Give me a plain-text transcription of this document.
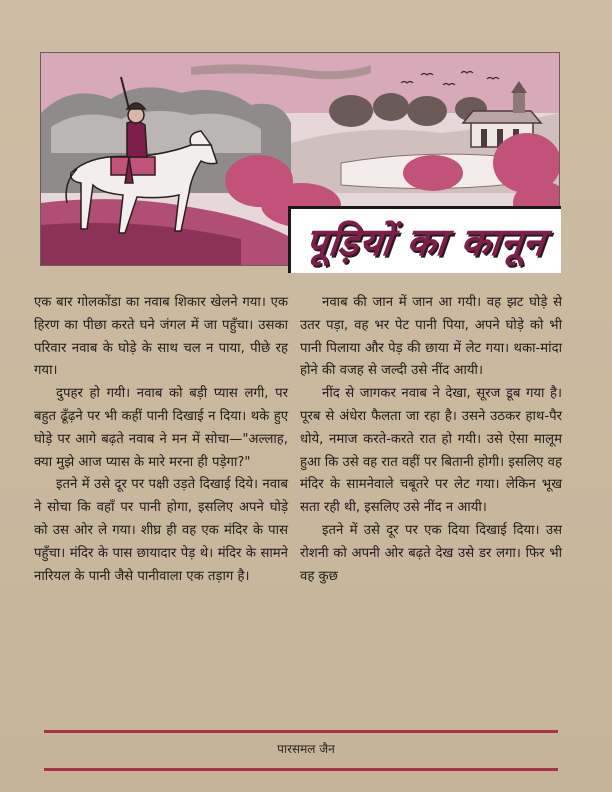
पूड़ियों का कानून

एक बार गोलकोंडा का नवाब शिकार खेलने गया। एक हिरण का पीछा करते घने जंगल में जा पहुँचा। उसका परिवार नवाब के घोड़े के साथ चल न पाया, पीछे रह गया।

दुपहर हो गयी। नवाब को बड़ी प्यास लगी, पर बहुत ढूँढ़ने पर भी कहीं पानी दिखाई न दिया। थके हुए घोड़े पर आगे बढ़ते नवाब ने मन में सोचा—"अल्लाह, क्या मुझे आज प्यास के मारे मरना ही पड़ेगा?"

इतने में उसे दूर पर पक्षी उड़ते दिखाई दिये। नवाब ने सोचा कि वहाँ पर पानी होगा, इसलिए अपने घोड़े को उस ओर ले गया। शीघ्र ही वह एक मंदिर के पास पहुँचा। मंदिर के पास छायादार पेड़ थे। मंदिर के सामने नारियल के पानी जैसे पानीवाला एक तड़ाग है।

नवाब की जान में जान आ गयी। वह झट घोड़े से उतर पड़ा, वह भर पेट पानी पिया, अपने घोड़े को भी पानी पिलाया और पेड़ की छाया में लेट गया। थका-मांदा होने की वजह से जल्दी उसे नींद आयी।

नींद से जागकर नवाब ने देखा, सूरज डूब गया है। पूरब से अंधेरा फैलता जा रहा है। उसने उठकर हाथ-पैर धोये, नमाज करते-करते रात हो गयी। उसे ऐसा मालूम हुआ कि उसे वह रात वहीं पर बितानी होगी। इसलिए वह मंदिर के सामनेवाले चबूतरे पर लेट गया। लेकिन भूख सता रही थी, इसलिए उसे नींद न आयी।

इतने में उसे दूर पर एक दिया दिखाई दिया। उस रोशनी को अपनी ओर बढ़ते देख उसे डर लगा। फिर भी वह कुछ

पारसमल जैन
